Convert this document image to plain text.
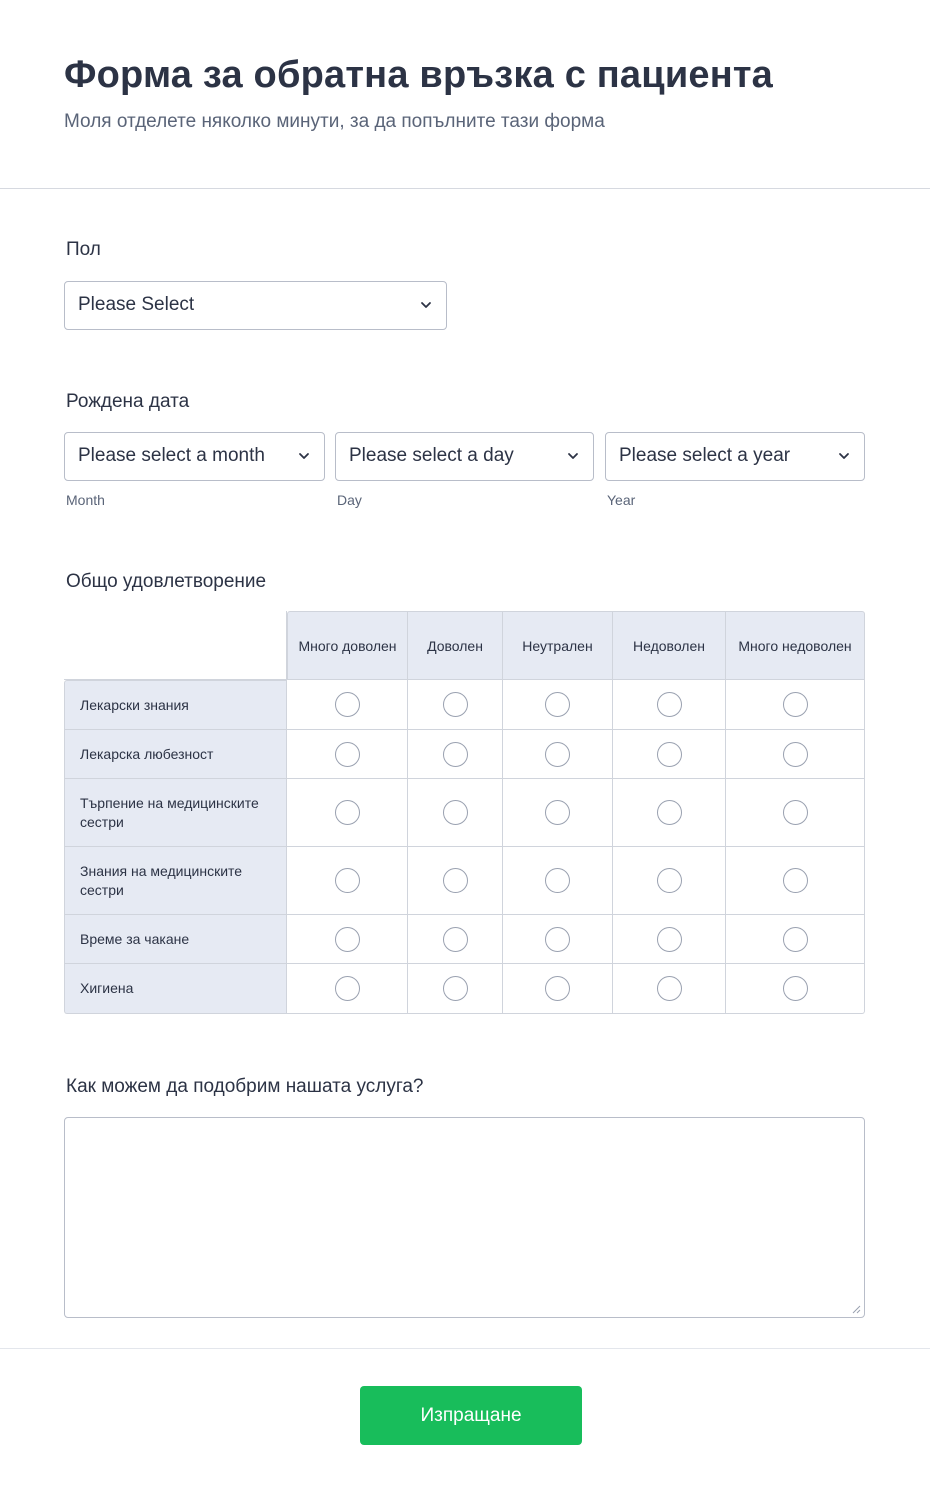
Форма за обратна връзка с пациента
Моля отделете няколко минути, за да попълните тази форма
Пол
Please Select
Рождена дата
Please select a month	Please select a day	Please select a year
Month	Day	Year
Общо удовлетворение
	Много доволен	Доволен	Неутрален	Недоволен	Много недоволен
Лекарски знания					
Лекарска любезност					
Търпение на медицинските сестри					
Знания на медицинските сестри					
Време за чакане					
Хигиена					
Как можем да подобрим нашата услуга?
Изпращане
